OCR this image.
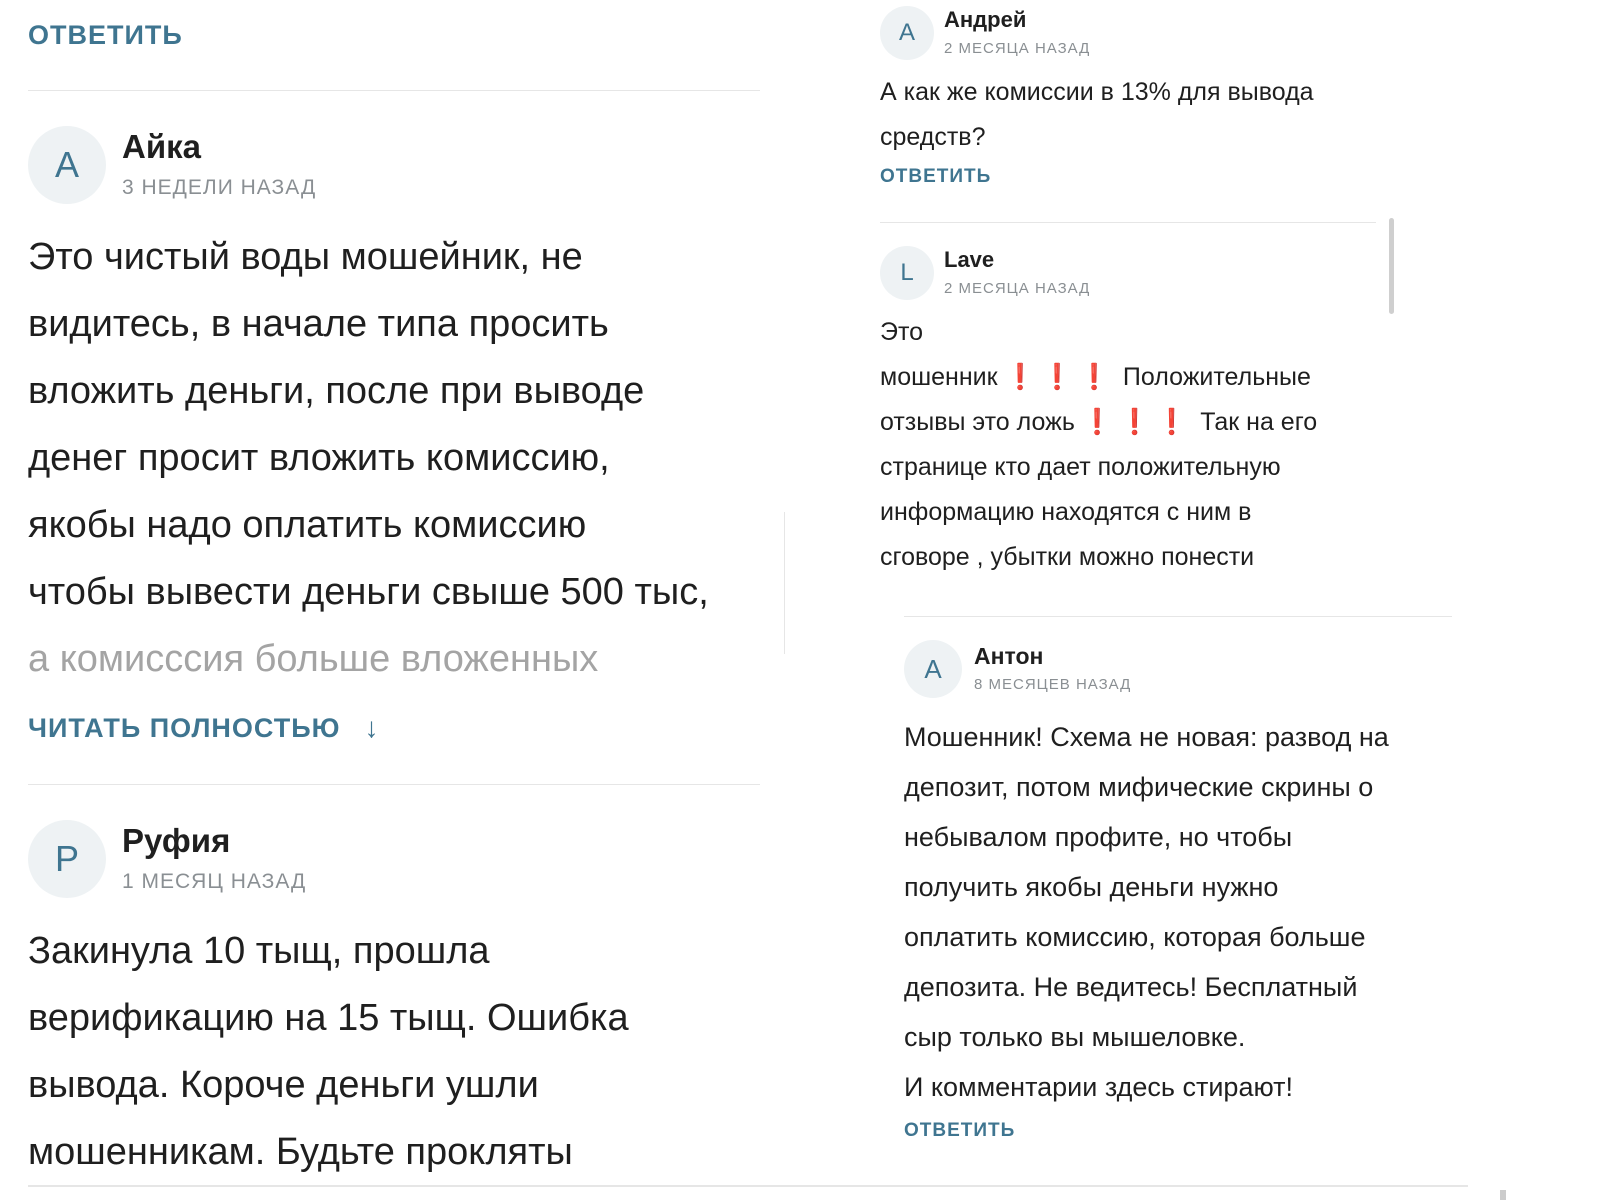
ОТВЕТИТЬ
А	Айка
3 НЕДЕЛИ НАЗАД
Это чистый воды мошейник, не
видитесь, в начале типа просить
вложить деньги, после при выводе
денег просит вложить комиссию,
якобы надо оплатить комиссию
чтобы вывести деньги свыше 500 тыс,
а комисссия больше вложенных
ЧИТАТЬ ПОЛНОСТЬЮ ↓
Р	Руфия
1 МЕСЯЦ НАЗАД
Закинула 10 тыщ, прошла
верификацию на 15 тыщ. Ошибка
вывода. Короче деньги ушли
мошенникам. Будьте прокляты
А	Андрей
2 МЕСЯЦА НАЗАД
А как же комиссии в 13% для вывода
средств?
ОТВЕТИТЬ
L	Lave
2 МЕСЯЦА НАЗАД
Это
мошенник ❗❗❗ Положительные
отзывы это ложь ❗❗❗ Так на его
странице кто дает положительную
информацию находятся с ним в
сговоре , убытки можно понести
А	Антон
8 МЕСЯЦЕВ НАЗАД
Мошенник! Схема не новая: развод на
депозит, потом мифические скрины о
небывалом профите, но чтобы
получить якобы деньги нужно
оплатить комиссию, которая больше
депозита. Не ведитесь! Бесплатный
сыр только вы мышеловке.
И комментарии здесь стирают!
ОТВЕТИТЬ
